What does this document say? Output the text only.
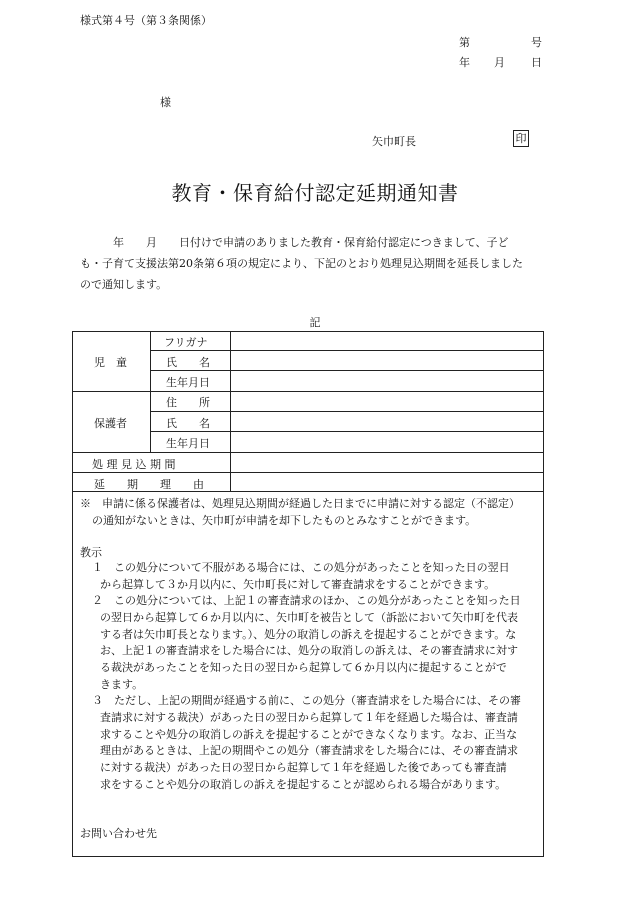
様式第４号（第３条関係）
第	号
年 月 日
様
矢巾町長	印
教育・保育給付認定延期通知書
　　　年　　月　　日付けで申請のありました教育・保育給付認定につきまして、子ど
も・子育て支援法第20条第６項の規定により、下記のとおり処理見込期間を延長しました
ので通知します。
記
児　童
フリガナ
氏　　名
生年月日
保護者
住　　所
氏　　名
生年月日
処 理 見 込 期 間
延　　期　　理　　由
※　申請に係る保護者は、処理見込期間が経過した日までに申請に対する認定（不認定）
の通知がないときは、矢巾町が申請を却下したものとみなすことができます。
教示
１　この処分について不服がある場合には、この処分があったことを知った日の翌日
から起算して３か月以内に、矢巾町長に対して審査請求をすることができます。
２　この処分については、上記１の審査請求のほか、この処分があったことを知った日
の翌日から起算して６か月以内に、矢巾町を被告として（訴訟において矢巾町を代表
する者は矢巾町長となります。）、処分の取消しの訴えを提起することができます。な
お、上記１の審査請求をした場合には、処分の取消しの訴えは、その審査請求に対す
る裁決があったことを知った日の翌日から起算して６か月以内に提起することがで
きます。
３　ただし、上記の期間が経過する前に、この処分（審査請求をした場合には、その審
査請求に対する裁決）があった日の翌日から起算して１年を経過した場合は、審査請
求することや処分の取消しの訴えを提起することができなくなります。なお、正当な
理由があるときは、上記の期間やこの処分（審査請求をした場合には、その審査請求
に対する裁決）があった日の翌日から起算して１年を経過した後であっても審査請
求をすることや処分の取消しの訴えを提起することが認められる場合があります。
お問い合わせ先
